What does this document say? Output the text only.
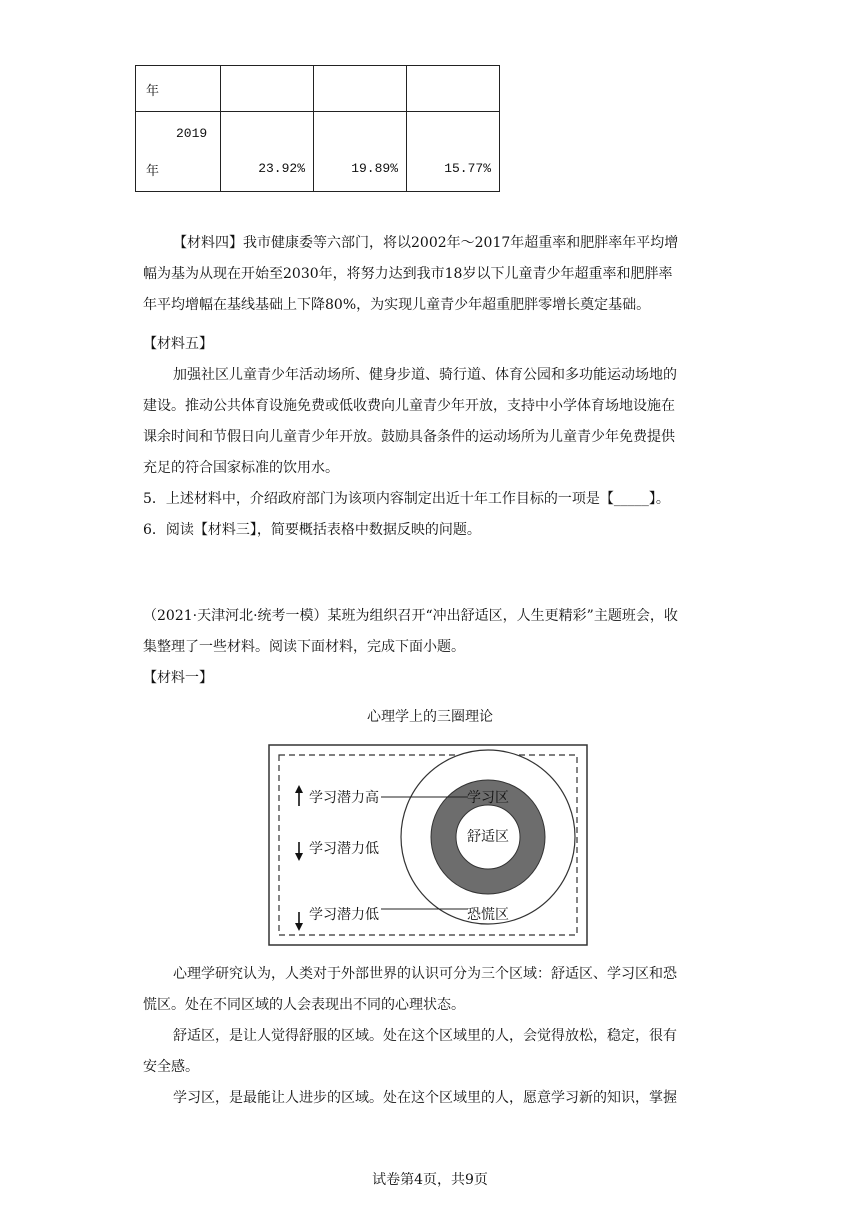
年			

2019
年	23.92%	19.89%	15.77%
【材料四】我市健康委等六部门，将以2002年～2017年超重率和肥胖率年平均增
幅为基为从现在开始至2030年，将努力达到我市18岁以下儿童青少年超重率和肥胖率
年平均增幅在基线基础上下降80%，为实现儿童青少年超重肥胖零增长奠定基础。
【材料五】
加强社区儿童青少年活动场所、健身步道、骑行道、体育公园和多功能运动场地的
建设。推动公共体育设施免费或低收费向儿童青少年开放，支持中小学体育场地设施在
课余时间和节假日向儿童青少年开放。鼓励具备条件的运动场所为儿童青少年免费提供
充足的符合国家标准的饮用水。
5．上述材料中，介绍政府部门为该项内容制定出近十年工作目标的一项是【_____】。
6．阅读【材料三】，简要概括表格中数据反映的问题。
（2021·天津河北·统考一模）某班为组织召开“冲出舒适区，人生更精彩”主题班会，收
集整理了一些材料。阅读下面材料，完成下面小题。
【材料一】
心理学上的三圈理论
学习潜力高
学习潜力低
学习潜力低
学习区
舒适区
恐慌区
心理学研究认为，人类对于外部世界的认识可分为三个区域：舒适区、学习区和恐
慌区。处在不同区域的人会表现出不同的心理状态。
舒适区，是让人觉得舒服的区域。处在这个区域里的人，会觉得放松，稳定，很有
安全感。
学习区，是最能让人进步的区域。处在这个区域里的人，愿意学习新的知识，掌握
试卷第4页，共9页
